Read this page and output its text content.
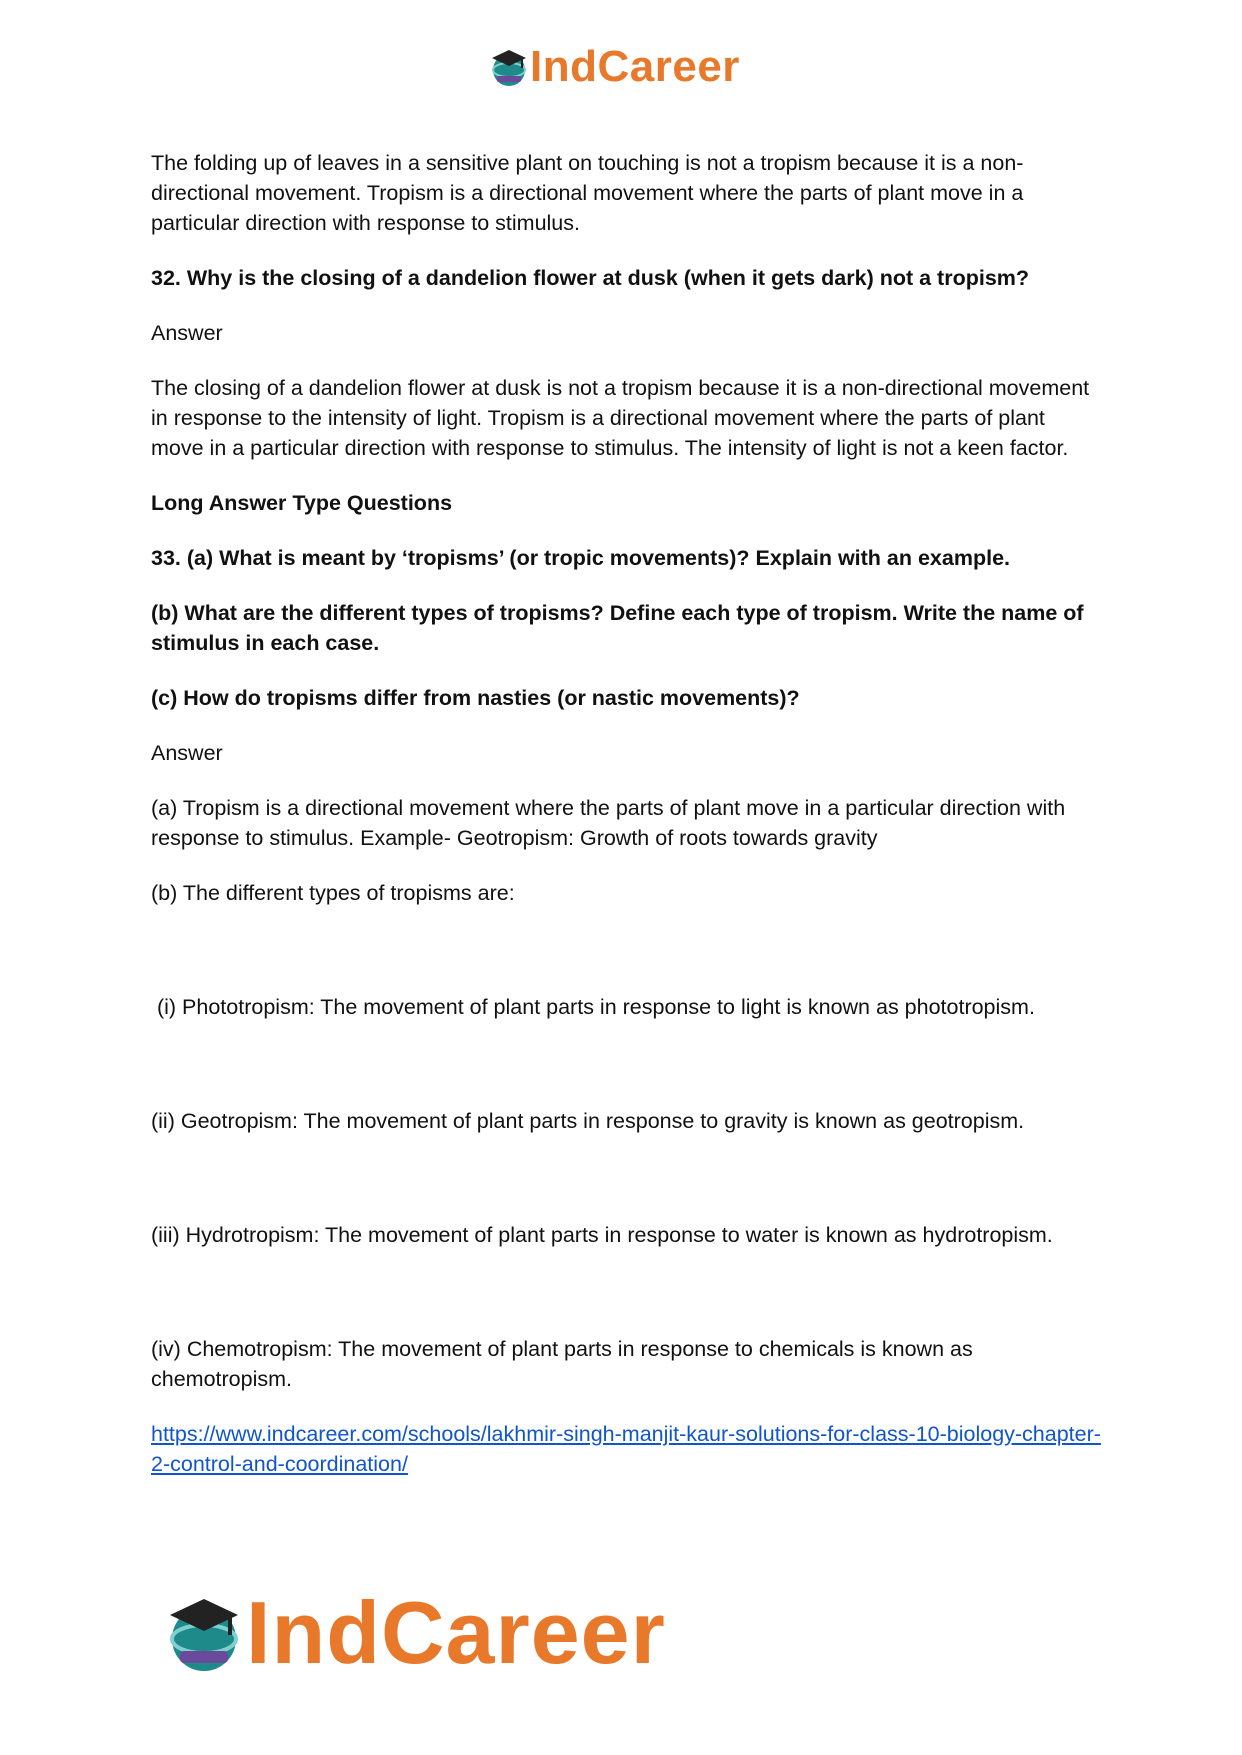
IndCareer

The folding up of leaves in a sensitive plant on touching is not a tropism because it is a non-directional movement. Tropism is a directional movement where the parts of plant move in a particular direction with response to stimulus.

32. Why is the closing of a dandelion flower at dusk (when it gets dark) not a tropism?

Answer

The closing of a dandelion flower at dusk is not a tropism because it is a non-directional movement in response to the intensity of light. Tropism is a directional movement where the parts of plant move in a particular direction with response to stimulus. The intensity of light is not a keen factor.

Long Answer Type Questions

33. (a) What is meant by ‘tropisms’ (or tropic movements)? Explain with an example.

(b) What are the different types of tropisms? Define each type of tropism. Write the name of stimulus in each case.

(c) How do tropisms differ from nasties (or nastic movements)?

Answer

(a) Tropism is a directional movement where the parts of plant move in a particular direction with response to stimulus. Example- Geotropism: Growth of roots towards gravity

(b) The different types of tropisms are:

(i) Phototropism: The movement of plant parts in response to light is known as phototropism.

(ii) Geotropism: The movement of plant parts in response to gravity is known as geotropism.

(iii) Hydrotropism: The movement of plant parts in response to water is known as hydrotropism.

(iv) Chemotropism: The movement of plant parts in response to chemicals is known as chemotropism.

https://www.indcareer.com/schools/lakhmir-singh-manjit-kaur-solutions-for-class-10-biology-chapter-2-control-and-coordination/

IndCareer
